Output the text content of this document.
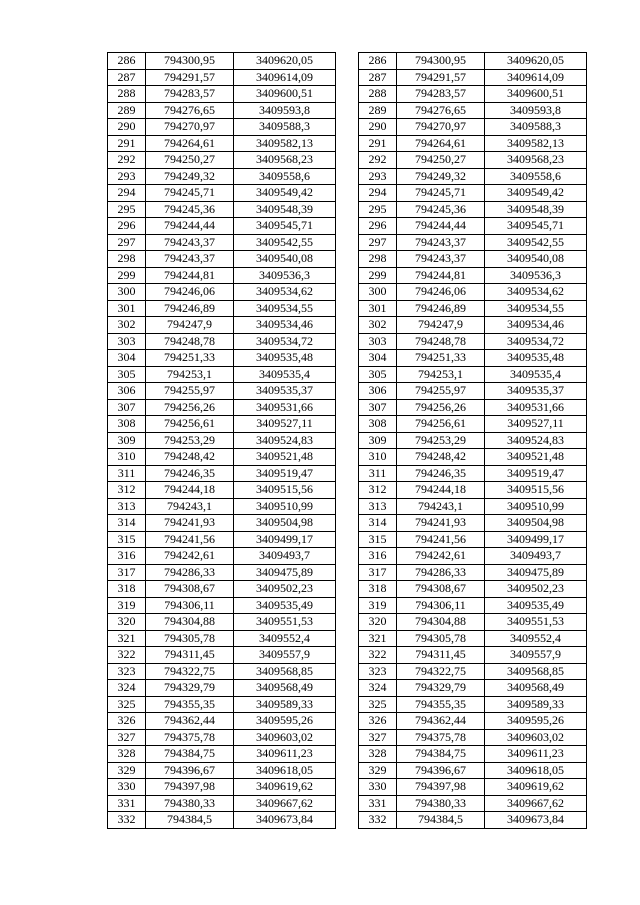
286	794300,95	3409620,05
287	794291,57	3409614,09
288	794283,57	3409600,51
289	794276,65	3409593,8
290	794270,97	3409588,3
291	794264,61	3409582,13
292	794250,27	3409568,23
293	794249,32	3409558,6
294	794245,71	3409549,42
295	794245,36	3409548,39
296	794244,44	3409545,71
297	794243,37	3409542,55
298	794243,37	3409540,08
299	794244,81	3409536,3
300	794246,06	3409534,62
301	794246,89	3409534,55
302	794247,9	3409534,46
303	794248,78	3409534,72
304	794251,33	3409535,48
305	794253,1	3409535,4
306	794255,97	3409535,37
307	794256,26	3409531,66
308	794256,61	3409527,11
309	794253,29	3409524,83
310	794248,42	3409521,48
311	794246,35	3409519,47
312	794244,18	3409515,56
313	794243,1	3409510,99
314	794241,93	3409504,98
315	794241,56	3409499,17
316	794242,61	3409493,7
317	794286,33	3409475,89
318	794308,67	3409502,23
319	794306,11	3409535,49
320	794304,88	3409551,53
321	794305,78	3409552,4
322	794311,45	3409557,9
323	794322,75	3409568,85
324	794329,79	3409568,49
325	794355,35	3409589,33
326	794362,44	3409595,26
327	794375,78	3409603,02
328	794384,75	3409611,23
329	794396,67	3409618,05
330	794397,98	3409619,62
331	794380,33	3409667,62
332	794384,5	3409673,84
286	794300,95	3409620,05
287	794291,57	3409614,09
288	794283,57	3409600,51
289	794276,65	3409593,8
290	794270,97	3409588,3
291	794264,61	3409582,13
292	794250,27	3409568,23
293	794249,32	3409558,6
294	794245,71	3409549,42
295	794245,36	3409548,39
296	794244,44	3409545,71
297	794243,37	3409542,55
298	794243,37	3409540,08
299	794244,81	3409536,3
300	794246,06	3409534,62
301	794246,89	3409534,55
302	794247,9	3409534,46
303	794248,78	3409534,72
304	794251,33	3409535,48
305	794253,1	3409535,4
306	794255,97	3409535,37
307	794256,26	3409531,66
308	794256,61	3409527,11
309	794253,29	3409524,83
310	794248,42	3409521,48
311	794246,35	3409519,47
312	794244,18	3409515,56
313	794243,1	3409510,99
314	794241,93	3409504,98
315	794241,56	3409499,17
316	794242,61	3409493,7
317	794286,33	3409475,89
318	794308,67	3409502,23
319	794306,11	3409535,49
320	794304,88	3409551,53
321	794305,78	3409552,4
322	794311,45	3409557,9
323	794322,75	3409568,85
324	794329,79	3409568,49
325	794355,35	3409589,33
326	794362,44	3409595,26
327	794375,78	3409603,02
328	794384,75	3409611,23
329	794396,67	3409618,05
330	794397,98	3409619,62
331	794380,33	3409667,62
332	794384,5	3409673,84
